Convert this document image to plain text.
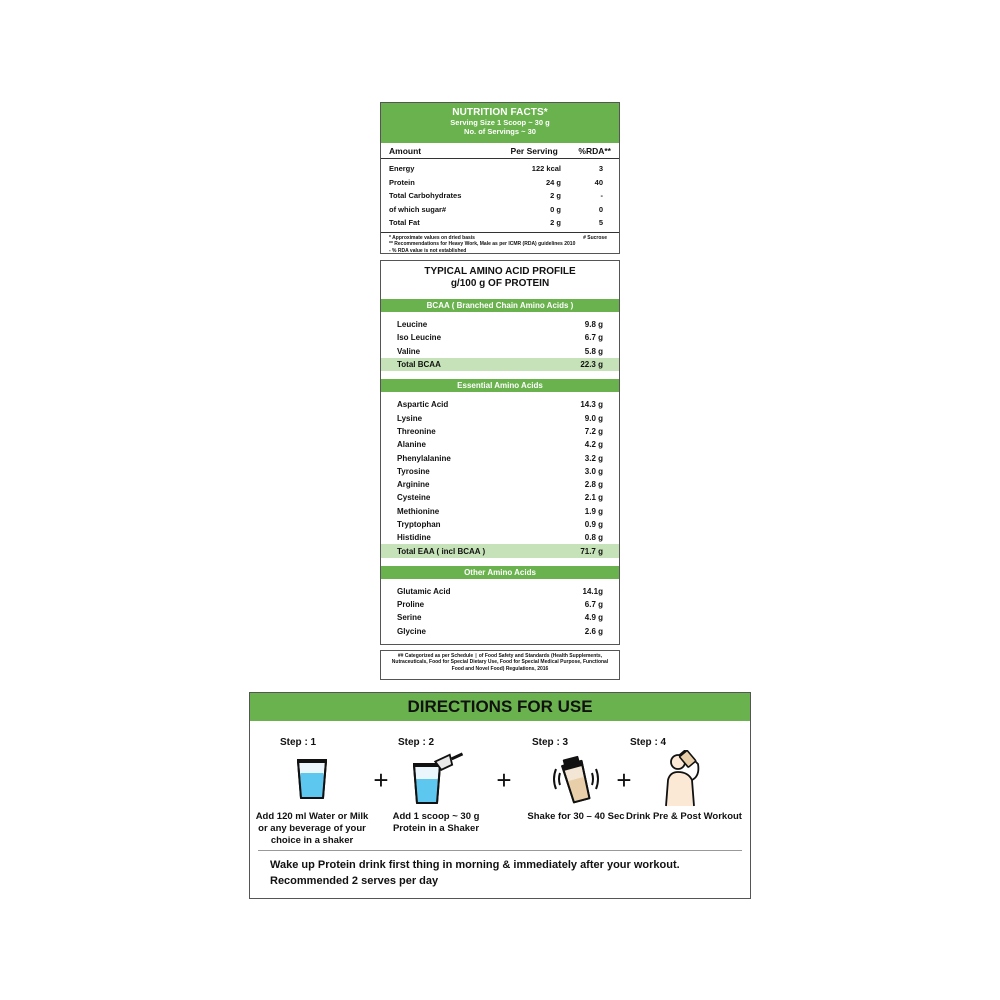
NUTRITION FACTS*
Serving Size 1 Scoop ~ 30 g
No. of Servings ~ 30
Amount	Per Serving	%RDA**
Energy	122 kcal	3
Protein	24 g	40
Total Carbohydrates	2 g	-
of which sugar#	0 g	0
Total Fat	2 g	5
* Approximate values on dried basis
** Recommendations for Heavy Work, Male as per ICMR (RDA) guidelines 2010
- % RDA value is not established
# Sucrose
TYPICAL AMINO ACID PROFILE
g/100 g OF PROTEIN
BCAA ( Branched Chain Amino Acids )
Leucine	9.8 g
Iso Leucine	6.7 g
Valine	5.8 g
Total BCAA	22.3 g
Essential Amino Acids
Aspartic Acid	14.3 g
Lysine	9.0 g
Threonine	7.2 g
Alanine	4.2 g
Phenylalanine	3.2 g
Tyrosine	3.0 g
Arginine	2.8 g
Cysteine	2.1 g
Methionine	1.9 g
Tryptophan	0.9 g
Histidine	0.8 g
Total EAA ( incl BCAA )	71.7 g
Other Amino Acids
Glutamic Acid	14.1g
Proline	6.7 g
Serine	4.9 g
Glycine	2.6 g
## Categorized as per Schedule ▯ of Food Safety and Standards (Health Supplements, Nutraceuticals, Food for Special Dietary Use, Food for Special Medical Purpose, Functional Food and Novel Food) Regulations, 2016
DIRECTIONS FOR USE
Step : 1
Add 120 ml Water or Milk or any beverage of your choice in a shaker
+
Step : 2
Add 1 scoop ~ 30 g Protein in a Shaker
+
Step : 3
Shake for 30 – 40 Sec
+
Step : 4
Drink Pre & Post Workout
Wake up Protein drink first thing in morning & immediately after your workout.
Recommended 2 serves per day
